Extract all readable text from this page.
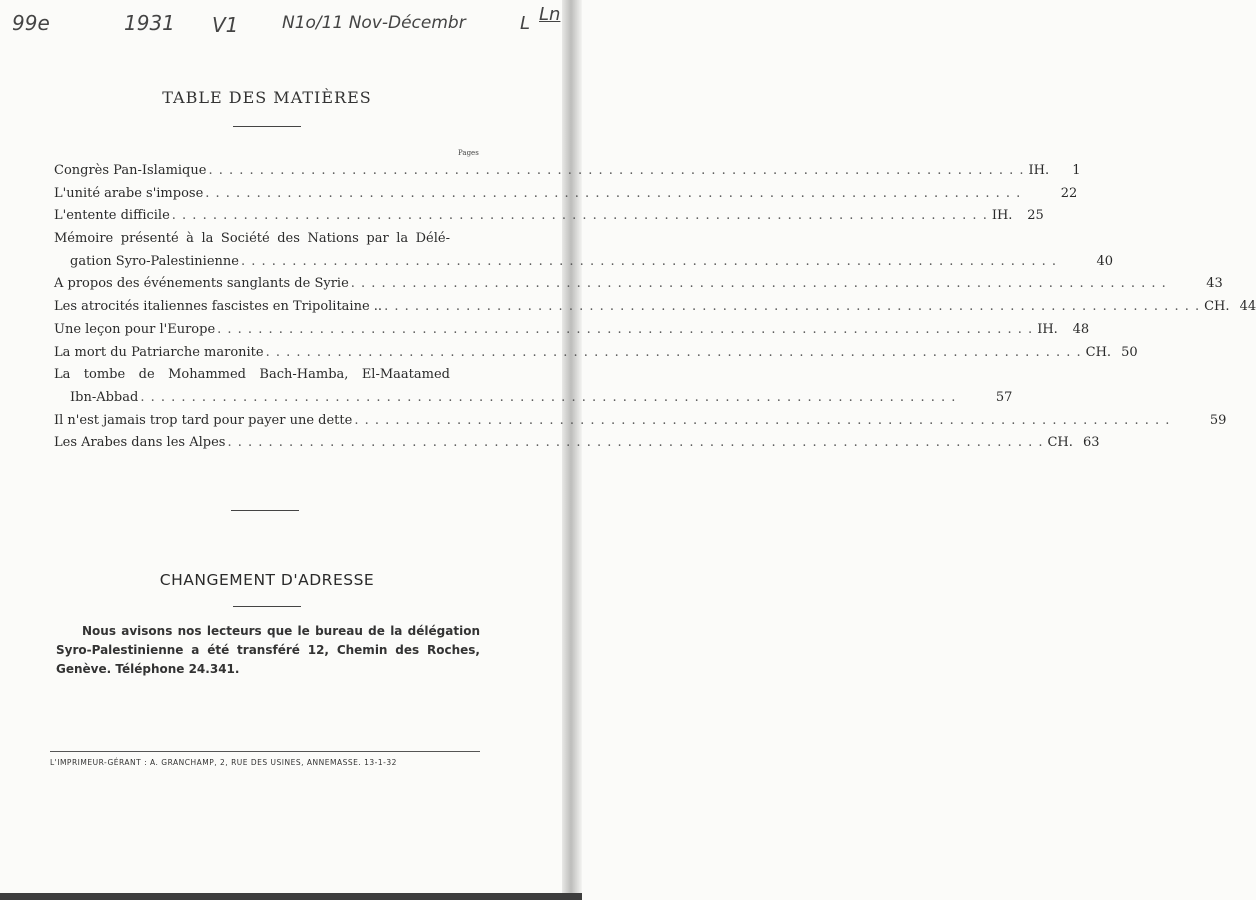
99e	1931 V1	N1o/11 Nov-Décembr	L Ln
TABLE DES MATIÈRES
Pages
Congrès Pan-Islamique . . . . . . . . . . . . . . . . . . . . . . . . . . . . . . . . . . . . . . . . . . . . . . . . . . . . . . . . . . . . . . . . . . . . . . . . . . . . . . . . IH.	1
L'unité arabe s'impose . . . . . . . . . . . . . . . . . . . . . . . . . . . . . . . . . . . . . . . . . . . . . . . . . . . . . . . . . . . . . . . . . . . . . . . . . . . . . . . .	22
L'entente difficile . . . . . . . . . . . . . . . . . . . . . . . . . . . . . . . . . . . . . . . . . . . . . . . . . . . . . . . . . . . . . . . . . . . . . . . . . . . . . . . . IH.	25
Mémoire présenté à la Société des Nations par la Délé-
gation Syro-Palestinienne . . . . . . . . . . . . . . . . . . . . . . . . . . . . . . . . . . . . . . . . . . . . . . . . . . . . . . . . . . . . . . . . . . . . . . . . . . . . . . . .	40
A propos des événements sanglants de Syrie . . . . . . . . . . . . . . . . . . . . . . . . . . . . . . . . . . . . . . . . . . . . . . . . . . . . . . . . . . . . . . . . . . . . . . . . . . . . . . . .	43
Les atrocités italiennes fascistes en Tripolitaine .. . . . . . . . . . . . . . . . . . . . . . . . . . . . . . . . . . . . . . . . . . . . . . . . . . . . . . . . . . . . . . . . . . . . . . . . . . . . . . . . . CH. 44
Une leçon pour l'Europe . . . . . . . . . . . . . . . . . . . . . . . . . . . . . . . . . . . . . . . . . . . . . . . . . . . . . . . . . . . . . . . . . . . . . . . . . . . . . . . . IH.	48
La mort du Patriarche maronite . . . . . . . . . . . . . . . . . . . . . . . . . . . . . . . . . . . . . . . . . . . . . . . . . . . . . . . . . . . . . . . . . . . . . . . . . . . . . . . . CH. 50
La tombe de Mohammed Bach-Hamba, El-Maatamed
Ibn-Abbad . . . . . . . . . . . . . . . . . . . . . . . . . . . . . . . . . . . . . . . . . . . . . . . . . . . . . . . . . . . . . . . . . . . . . . . . . . . . . . . .	57
Il n'est jamais trop tard pour payer une dette . . . . . . . . . . . . . . . . . . . . . . . . . . . . . . . . . . . . . . . . . . . . . . . . . . . . . . . . . . . . . . . . . . . . . . . . . . . . . . . .	59
Les Arabes dans les Alpes . . . . . . . . . . . . . . . . . . . . . . . . . . . . . . . . . . . . . . . . . . . . . . . . . . . . . . . . . . . . . . . . . . . . . . . . . . . . . . . . CH. 63
CHANGEMENT D'ADRESSE

Nous avisons nos lecteurs que le bureau de la délégation Syro-Palestinienne a été transféré 12, Chemin des Roches, Genève. Téléphone 24.341.

L'IMPRIMEUR-GÉRANT : A. GRANCHAMP, 2, RUE DES USINES, ANNEMASSE. 13-1-32
